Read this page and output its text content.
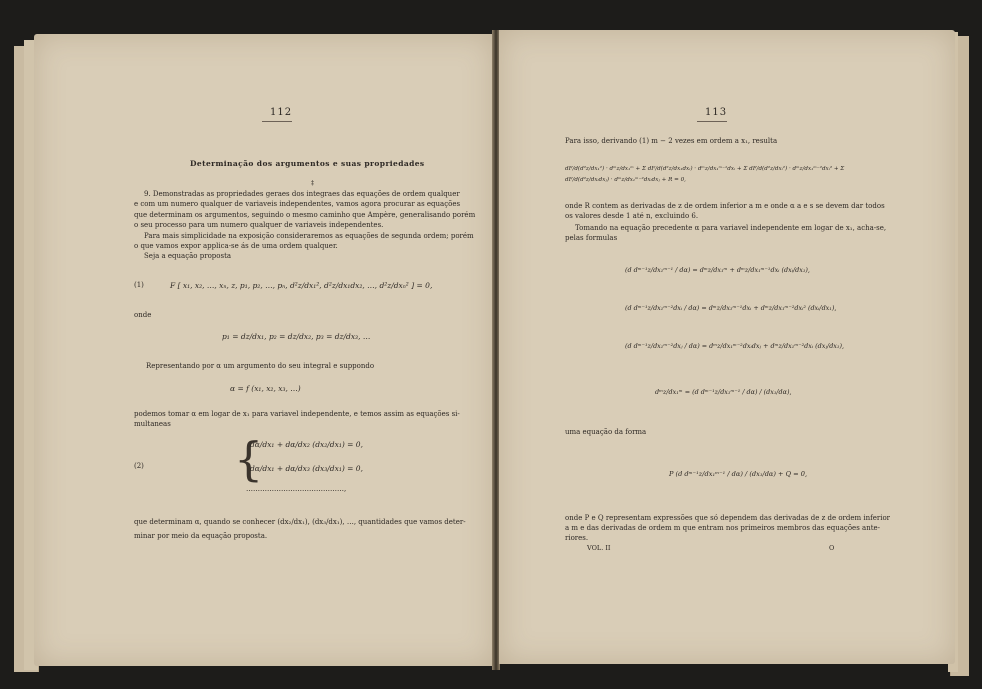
112
Determinação dos argumentos e suas propriedades
‡
9. Demonstradas as propriedades geraes dos integraes das equações de ordem qualquer
e com um numero qualquer de variaveis independentes, vamos agora procurar as equações
que determinam os argumentos, seguindo o mesmo caminho que Ampère, generalisando porém
o seu processo para um numero qualquer de variaveis independentes.
Para mais simplicidade na exposição consideraremos as equações de segunda ordem; porém
o que vamos expor applica-se ás de uma ordem qualquer.
Seja a equação proposta
(1)	F [ x₁, x₂, …, xₙ, z, p₁, p₂, …, pₙ, d²z/dx₁², d²z/dx₁dx₂, …, d²z/dxₙ² ] = 0,
onde
p₁ = dz/dx₁, p₂ = dz/dx₂, p₃ = dz/dx₃, …
Representando por α um argumento do seu integral e suppondo
α = f (x₁, x₂, x₃, …)
podemos tomar α em logar de x₁ para variavel independente, e temos assim as equações si-
multaneas
(2) {
dα/dx₁ + dα/dx₂ (dx₂/dx₁) = 0,
dα/dx₁ + dα/dx₃ (dx₃/dx₁) = 0,
……………………………………,
que determinam α, quando se conhecer (dx₂/dx₁), (dx₃/dx₁), …, quantidades que vamos deter-
minar por meio da equação proposta.
113
Para isso, derivando (1) m − 2 vezes em ordem a x₁, resulta
dF/d(d²z/dx₁²) · dᵐz/dx₁ᵐ + Σ dF/d(d²z/dx₁dxᵢ) · dᵐz/dx₁ᵐ⁻¹dxᵢ + Σ dF/d(d²z/dxᵢ²) · dᵐz/dx₁ᵐ⁻²dxᵢ² + Σ dF/d(d²z/dxᵢdxⱼ) · dᵐz/dx₁ᵐ⁻²dxᵢdxⱼ + R = 0,
onde R contem as derivadas de z de ordem inferior a m e onde α a e s se devem dar todos
os valores desde 1 até n, excluindo 6.
Tomando na equação precedente α para variavel independente em logar de x₁, acha-se,
pelas formulas
(d dᵐ⁻¹z/dx₁ᵐ⁻¹ / dα) = dᵐz/dx₁ᵐ + dᵐz/dx₁ᵐ⁻¹dxᵢ (dxᵢ/dx₁),
(d dᵐ⁻¹z/dx₁ᵐ⁻²dxᵢ / dα) = dᵐz/dx₁ᵐ⁻¹dxᵢ + dᵐz/dx₁ᵐ⁻²dxᵢ² (dxᵢ/dx₁),
(d dᵐ⁻¹z/dx₁ᵐ⁻²dxⱼ / dα) = dᵐz/dx₁ᵐ⁻²dxᵢdxⱼ + dᵐz/dx₁ᵐ⁻²dxᵢ (dxⱼ/dx₁),
dᵐz/dx₁ᵐ = (d dᵐ⁻¹z/dx₁ᵐ⁻¹ / dα) / (dx₁/dα),
uma equação da forma
P (d dᵐ⁻¹z/dx₁ᵐ⁻¹ / dα) / (dx₁/dα) + Q = 0,
onde P e Q representam expressões que só dependem das derivadas de z de ordem inferior
a m e das derivadas de ordem m que entram nos primeiros membros das equações ante-
riores.
VOL. II	O
